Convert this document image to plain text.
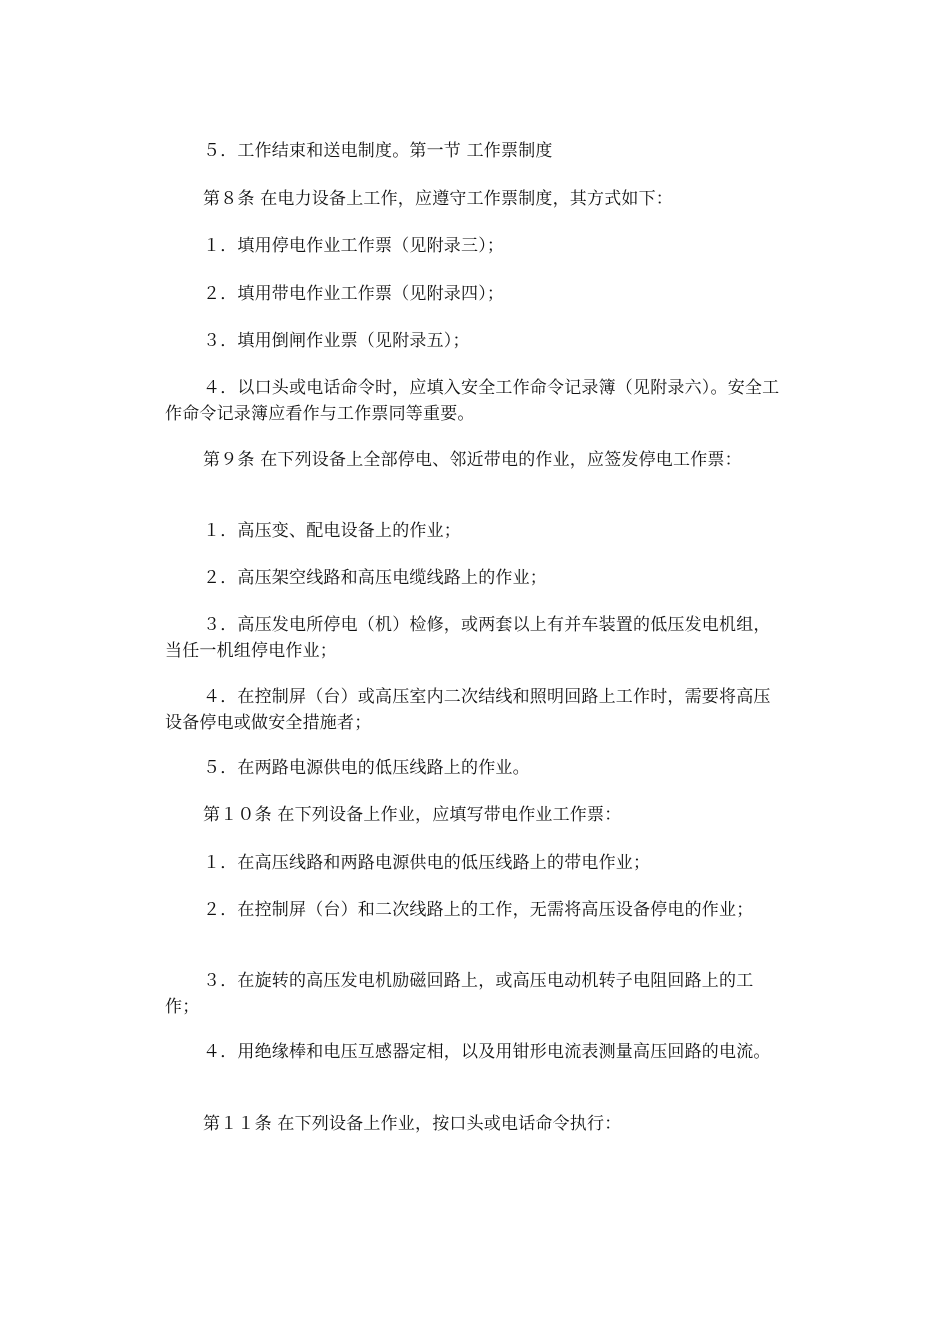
５．工作结束和送电制度。第一节 工作票制度

第８条 在电力设备上工作，应遵守工作票制度，其方式如下：

１．填用停电作业工作票（见附录三）；

２．填用带电作业工作票（见附录四）；

３．填用倒闸作业票（见附录五）；

４．以口头或电话命令时，应填入安全工作命令记录簿（见附录六）。安全工作命令记录簿应看作与工作票同等重要。

第９条 在下列设备上全部停电、邻近带电的作业，应签发停电工作票：

１．高压变、配电设备上的作业；

２．高压架空线路和高压电缆线路上的作业；

３．高压发电所停电（机）检修，或两套以上有并车装置的低压发电机组，当任一机组停电作业；

４．在控制屏（台）或高压室内二次结线和照明回路上工作时，需要将高压设备停电或做安全措施者；

５．在两路电源供电的低压线路上的作业。

第１０条 在下列设备上作业，应填写带电作业工作票：

１．在高压线路和两路电源供电的低压线路上的带电作业；

２．在控制屏（台）和二次线路上的工作，无需将高压设备停电的作业；

３．在旋转的高压发电机励磁回路上，或高压电动机转子电阻回路上的工作；

４．用绝缘棒和电压互感器定相，以及用钳形电流表测量高压回路的电流。

第１１条 在下列设备上作业，按口头或电话命令执行：
